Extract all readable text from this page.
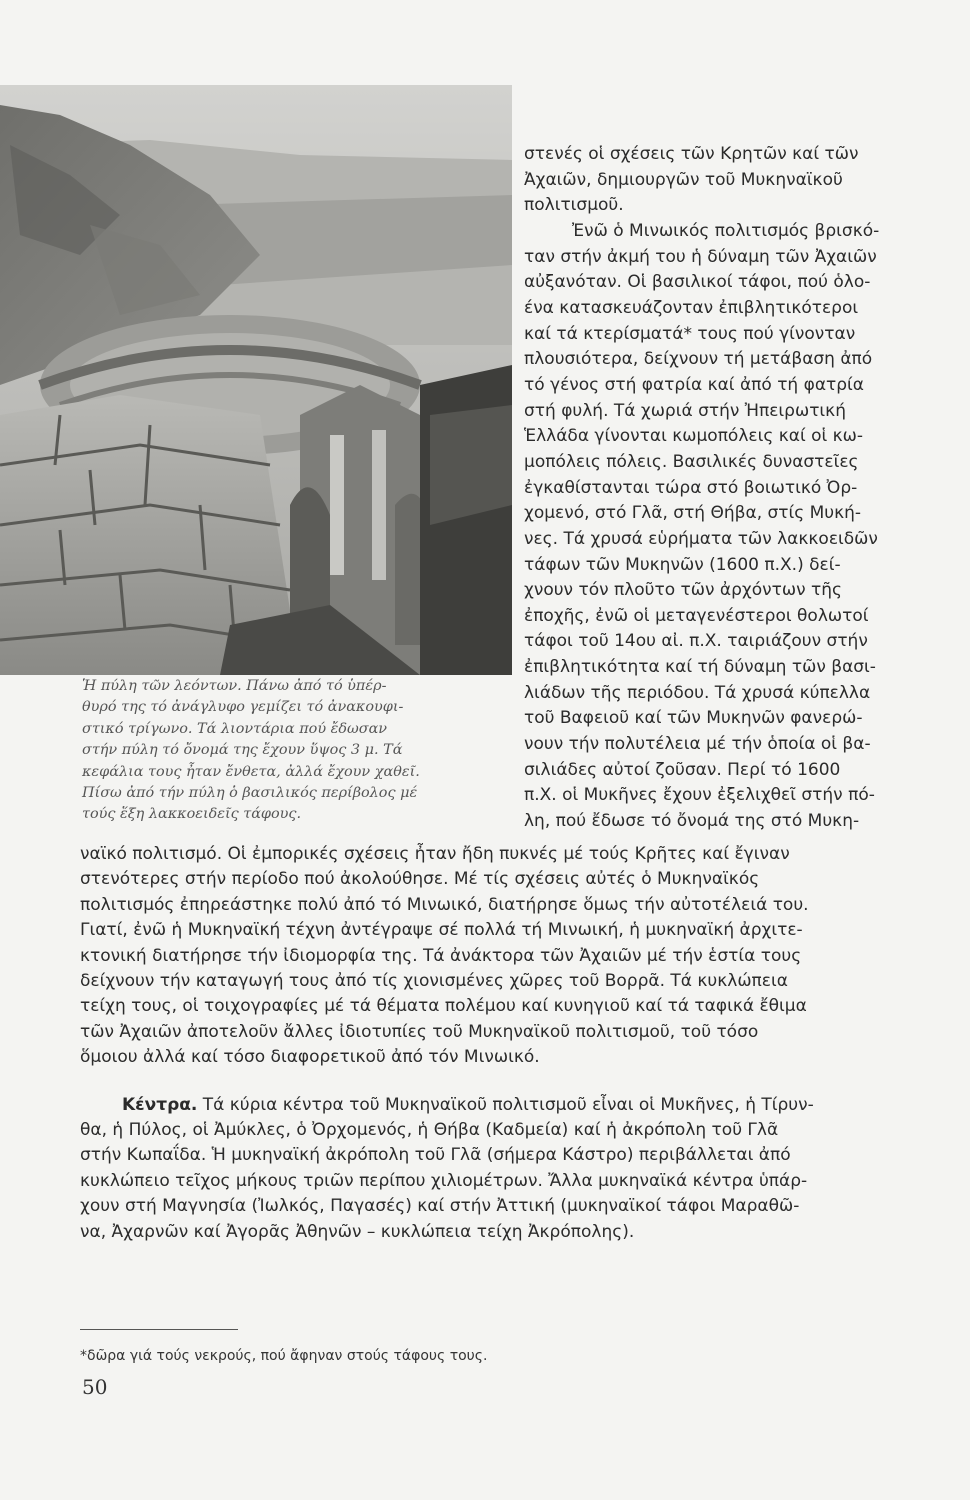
Ἡ πύλη τῶν λεόντων. Πάνω ἀπό τό ὑπέρ-
θυρό της τό ἀνάγλυφο γεμίζει τό ἀνακουφι-
στικό τρίγωνο. Τά λιοντάρια πού ἔδωσαν
στήν πύλη τό ὄνομά της ἔχουν ὕψος 3 μ. Τά
κεφάλια τους ἦταν ἔνθετα, ἀλλά ἔχουν χαθεῖ.
Πίσω ἀπό τήν πύλη ὁ βασιλικός περίβολος μέ
τούς ἕξη λακκοειδεῖς τάφους.
στενές οἱ σχέσεις τῶν Κρητῶν καί τῶν
Ἀχαιῶν, δημιουργῶν τοῦ Μυκηναϊκοῦ
πολιτισμοῦ.
Ἐνῶ ὁ Μινωικός πολιτισμός βρισκό-
ταν στήν ἀκμή του ἡ δύναμη τῶν Ἀχαιῶν
αὐξανόταν. Οἱ βασιλικοί τάφοι, πού ὁλο-
ένα κατασκευάζονταν ἐπιβλητικότεροι
καί τά κτερίσματά* τους πού γίνονταν
πλουσιότερα, δείχνουν τή μετάβαση ἀπό
τό γένος στή φατρία καί ἀπό τή φατρία
στή φυλή. Τά χωριά στήν Ἠπειρωτική
Ἑλλάδα γίνονται κωμοπόλεις καί οἱ κω-
μοπόλεις πόλεις. Βασιλικές δυναστεῖες
ἐγκαθίστανται τώρα στό βοιωτικό Ὀρ-
χομενό, στό Γλᾶ, στή Θήβα, στίς Μυκή-
νες. Τά χρυσά εὑρήματα τῶν λακκοειδῶν
τάφων τῶν Μυκηνῶν (1600 π.Χ.) δεί-
χνουν τόν πλοῦτο τῶν ἀρχόντων τῆς
ἐποχῆς, ἐνῶ οἱ μεταγενέστεροι θολωτοί
τάφοι τοῦ 14ου αἰ. π.Χ. ταιριάζουν στήν
ἐπιβλητικότητα καί τή δύναμη τῶν βασι-
λιάδων τῆς περιόδου. Τά χρυσά κύπελλα
τοῦ Βαφειοῦ καί τῶν Μυκηνῶν φανερώ-
νουν τήν πολυτέλεια μέ τήν ὁποία οἱ βα-
σιλιάδες αὐτοί ζοῦσαν. Περί τό 1600
π.Χ. οἱ Μυκῆνες ἔχουν ἐξελιχθεῖ στήν πό-
λη, πού ἔδωσε τό ὄνομά της στό Μυκη-
ναϊκό πολιτισμό. Οἱ ἐμπορικές σχέσεις ἦταν ἤδη πυκνές μέ τούς Κρῆτες καί ἔγιναν
στενότερες στήν περίοδο πού ἀκολούθησε. Μέ τίς σχέσεις αὐτές ὁ Μυκηναϊκός
πολιτισμός ἐπηρεάστηκε πολύ ἀπό τό Μινωικό, διατήρησε ὅμως τήν αὐτοτέλειά του.
Γιατί, ἐνῶ ἡ Μυκηναϊκή τέχνη ἀντέγραψε σέ πολλά τή Μινωική, ἡ μυκηναϊκή ἀρχιτε-
κτονική διατήρησε τήν ἰδιομορφία της. Τά ἀνάκτορα τῶν Ἀχαιῶν μέ τήν ἑστία τους
δείχνουν τήν καταγωγή τους ἀπό τίς χιονισμένες χῶρες τοῦ Βορρᾶ. Τά κυκλώπεια
τείχη τους, οἱ τοιχογραφίες μέ τά θέματα πολέμου καί κυνηγιοῦ καί τά ταφικά ἔθιμα
τῶν Ἀχαιῶν ἀποτελοῦν ἄλλες ἰδιοτυπίες τοῦ Μυκηναϊκοῦ πολιτισμοῦ, τοῦ τόσο
ὅμοιου ἀλλά καί τόσο διαφορετικοῦ ἀπό τόν Μινωικό.
Κέντρα. Τά κύρια κέντρα τοῦ Μυκηναϊκοῦ πολιτισμοῦ εἶναι οἱ Μυκῆνες, ἡ Τίρυν-
θα, ἡ Πύλος, οἱ Ἀμύκλες, ὁ Ὀρχομενός, ἡ Θήβα (Καδμεία) καί ἡ ἀκρόπολη τοῦ Γλᾶ
στήν Κωπαΐδα. Ἡ μυκηναϊκή ἀκρόπολη τοῦ Γλᾶ (σήμερα Κάστρο) περιβάλλεται ἀπό
κυκλώπειο τεῖχος μήκους τριῶν περίπου χιλιομέτρων. Ἄλλα μυκηναϊκά κέντρα ὑπάρ-
χουν στή Μαγνησία (Ἰωλκός, Παγασές) καί στήν Ἀττική (μυκηναϊκοί τάφοι Μαραθῶ-
να, Ἀχαρνῶν καί Ἀγορᾶς Ἀθηνῶν – κυκλώπεια τείχη Ἀκρόπολης).
*δῶρα γιά τούς νεκρούς, πού ἄφηναν στούς τάφους τους.
50
